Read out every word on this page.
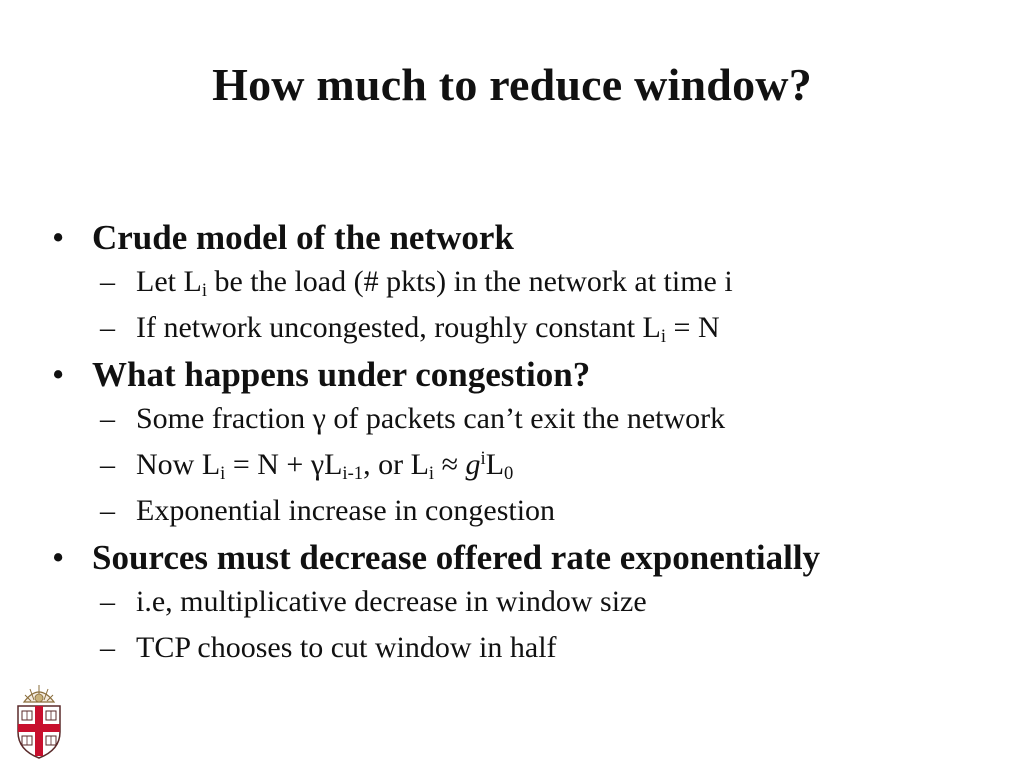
How much to reduce window?
• Crude model of the network
– Let $L_i$ be the load (# pkts) in the network at time i
– If network uncongested, roughly constant $L_i = N$
• What happens under congestion?
– Some fraction γ of packets can’t exit the network
– Now $L_i = N + \gamma L_{i-1}$, or $L_i \approx g^iL_0$
– Exponential increase in congestion
• Sources must decrease offered rate exponentially
– i.e, multiplicative decrease in window size
– TCP chooses to cut window in half
